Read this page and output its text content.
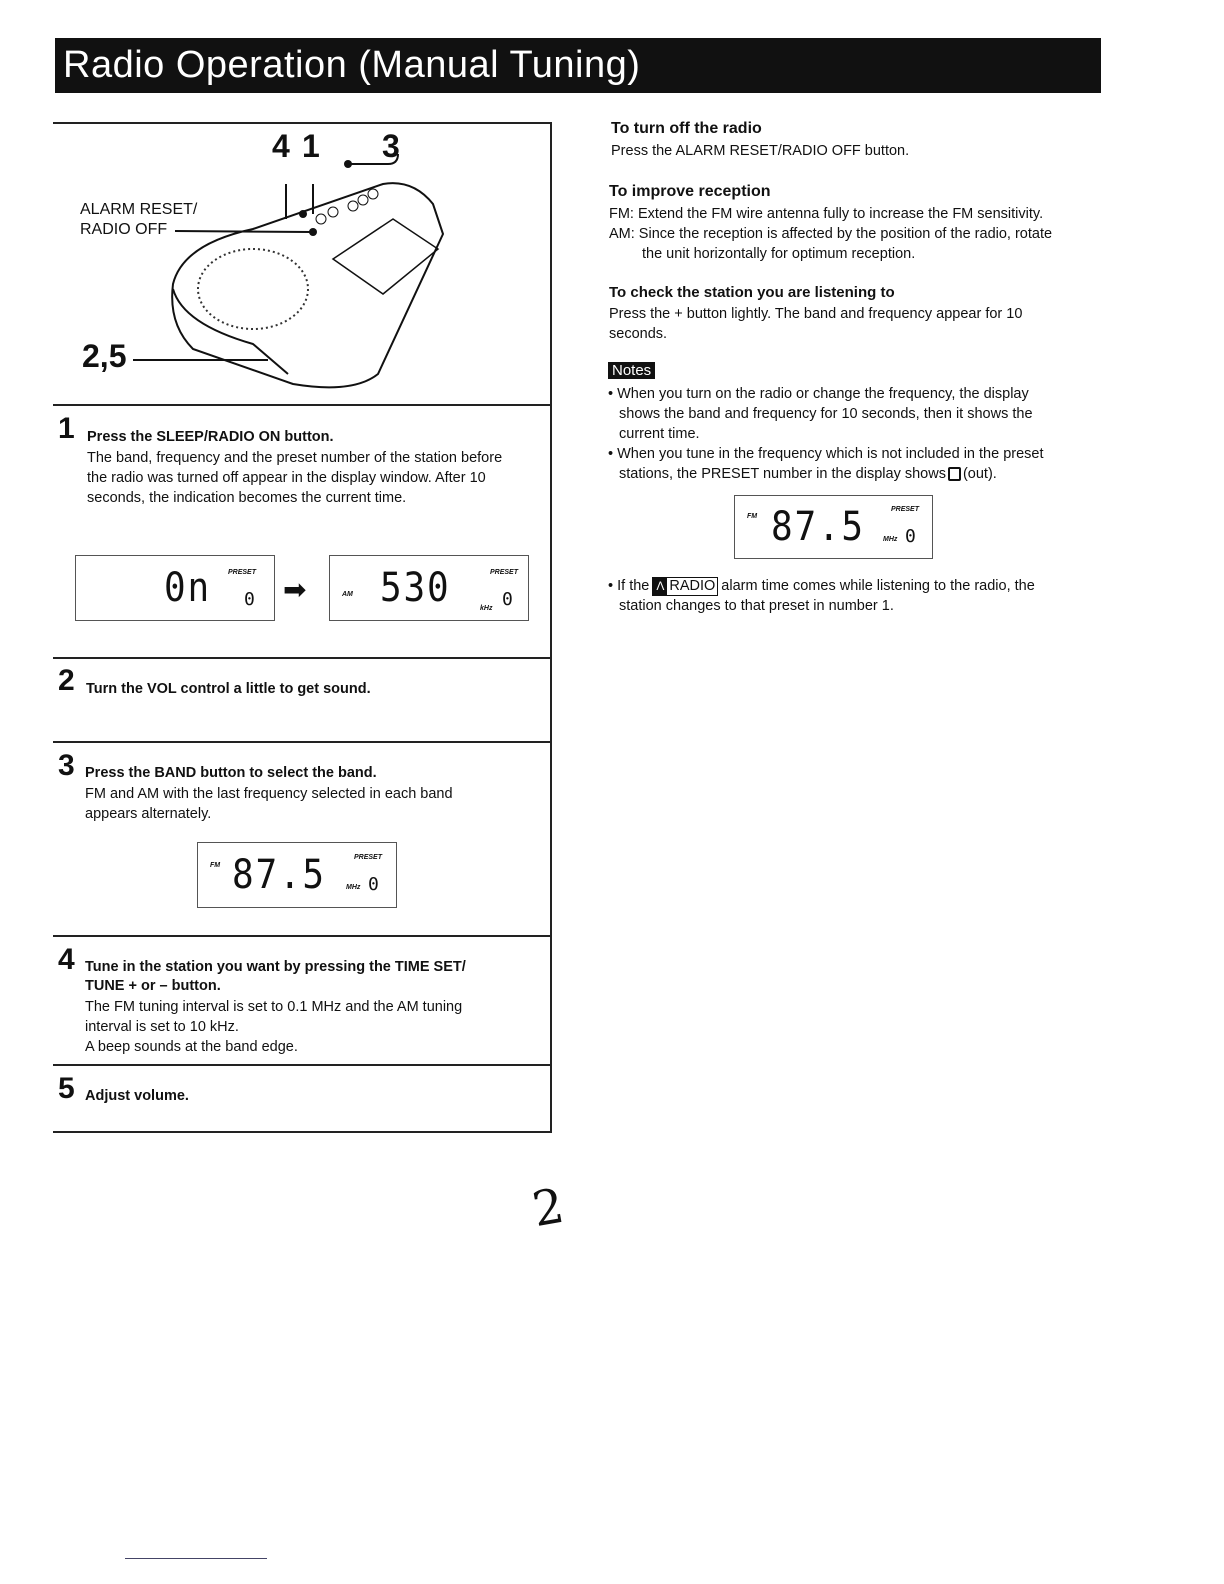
Radio Operation (Manual Tuning)
4 1 3
2,5
ALARM RESET/
RADIO OFF
1 Press the SLEEP/RADIO ON button.
The band, frequency and the preset number of the station before
the radio was turned off appear in the display window. After 10
seconds, the indication becomes the current time.
0n PRESET
0 ➡	AM 530	PRESET
kHz 0
2 Turn the VOL control a little to get sound.
3 Press the BAND button to select the band.
FM and AM with the last frequency selected in each band
appears alternately.
FM 87.5	PRESET
MHz 0
4 Tune in the station you want by pressing the TIME SET/
TUNE + or – button.
The FM tuning interval is set to 0.1 MHz and the AM tuning
interval is set to 10 kHz.
A beep sounds at the band edge.
5 Adjust volume.
To turn off the radio
Press the ALARM RESET/RADIO OFF button.
To improve reception
FM: Extend the FM wire antenna fully to increase the FM sensitivity.
AM: Since the reception is affected by the position of the radio, rotate
the unit horizontally for optimum reception.
To check the station you are listening to
Press the + button lightly. The band and frequency appear for 10
seconds.
Notes
• When you turn on the radio or change the frequency, the display
shows the band and frequency for 10 seconds, then it shows the
current time.
• When you tune in the frequency which is not included in the preset
stations, the PRESET number in the display shows (out).
FM 87.5	PRESET
MHz 0
• If the Λ RADIO alarm time comes while listening to the radio, the
station changes to that preset in number 1.
2
